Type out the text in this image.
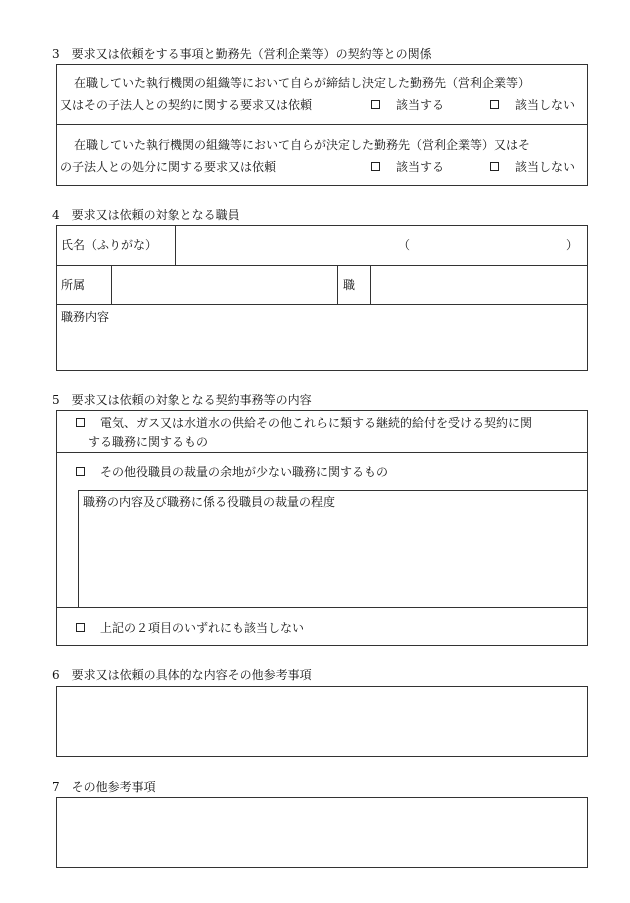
3　要求又は依頼をする事項と勤務先（営利企業等）の契約等との関係
在職していた執行機関の組織等において自らが締結し決定した勤務先（営利企業等）
又はその子法人との契約に関する要求又は依頼	該当する	該当しない
在職していた執行機関の組織等において自らが決定した勤務先（営利企業等）又はそ
の子法人との処分に関する要求又は依頼	該当する	該当しない
4　要求又は依頼の対象となる職員
氏名（ふりがな）	（	）
所属	職
職務内容
5　要求又は依頼の対象となる契約事務等の内容
電気、ガス又は水道水の供給その他これらに類する継続的給付を受ける契約に関
する職務に関するもの
その他役職員の裁量の余地が少ない職務に関するもの
職務の内容及び職務に係る役職員の裁量の程度
上記の２項目のいずれにも該当しない
6　要求又は依頼の具体的な内容その他参考事項
7　その他参考事項
